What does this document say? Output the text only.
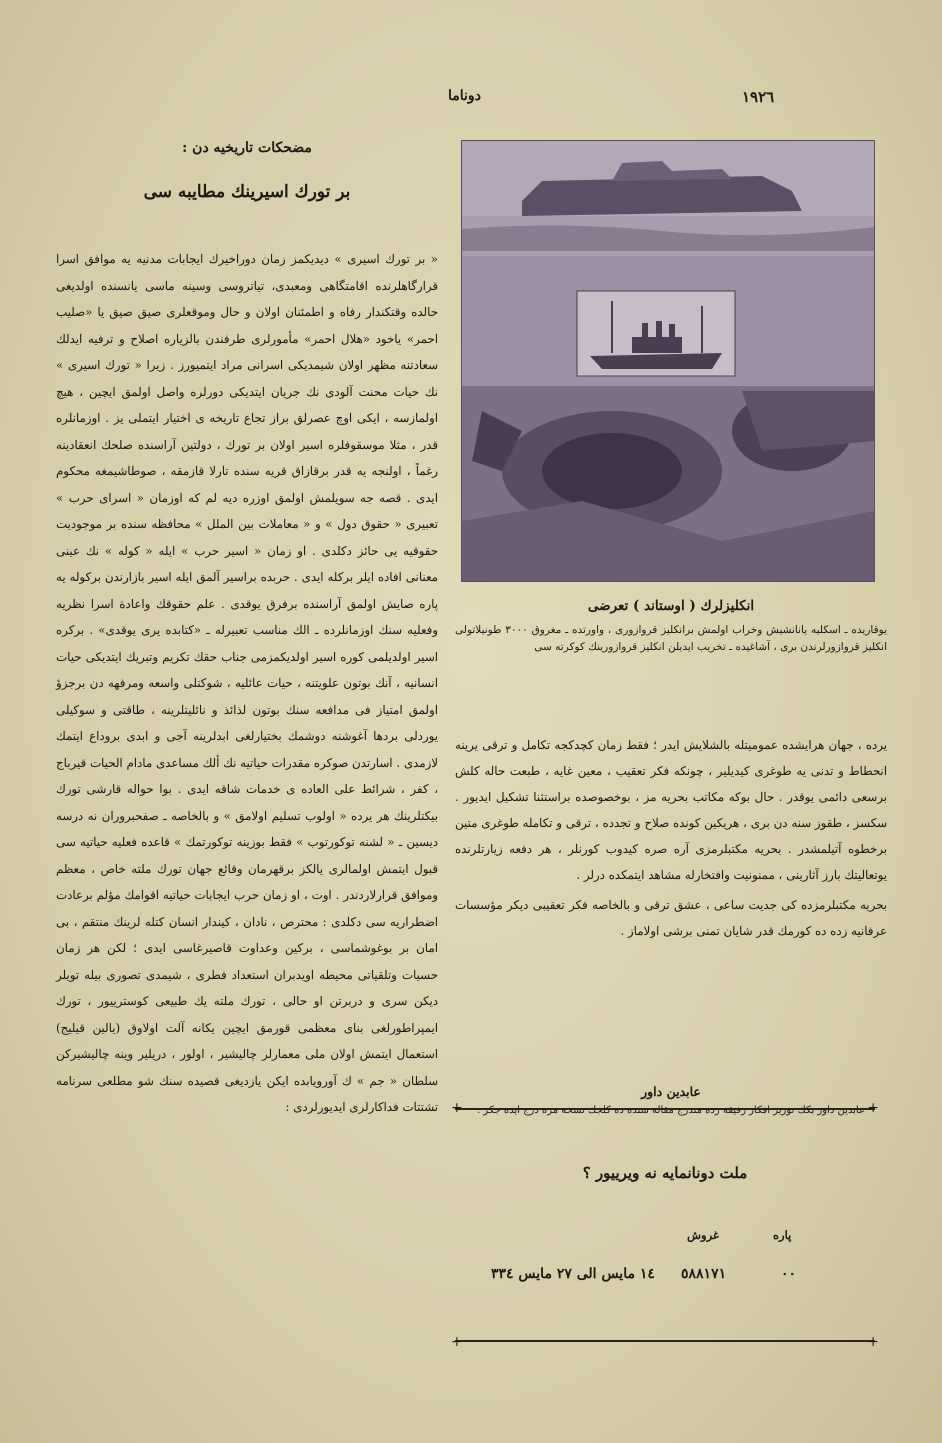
١٩٢٦
دوناما
مضحكات تاريخيه دن :
بر تورك اسيرينك مطايبه سى

« بر تورك اسيرى » ديديكمز زمان دوراخيرك ايجابات مدنيه يه موافق اسرا قرارگاهلرنده اقامتگاهى ومعبدى، تياتروسى وسينه ماسى يانسنده اولديغى حالده وقتكندار رفاه و اطمئنان اولان و حال وموقعلرى صيق صيق يا «صليب احمر» ياخود «هلال احمر» مأمورلرى طرفندن بالزياره اصلاح و ترفيه ايدلك سعادتنه مظهر اولان شيمديكى اسرانى مراد ايتميورز . زيرا « تورك اسيرى » نك حيات محنت آلودى نك جريان ايتديكى دورلره واصل اولمق ايچين ، هيچ اولمازسه ، ايكى اوچ عصرلق براز تجاع تاريخه ى اختيار ايتملى يز . اوزمانلره قدر ، مثلا موسقوفلره اسير اولان بر تورك ، دولتين آراسنده صلحك انعقادينه رغماً ، اولنجه يه قدر برقازاق قريه سنده تارلا قازمقه ، صوطاشيمغه محكوم ايدى . قصه جه سويلمش اولمق اوزره ديه لم كه اوزمان « اسراى حرب » تعبيرى « حقوق دول » و « معاملات بين الملل » محافظه سنده بر موجوديت حقوقيه يى حائز دكلدى . او زمان « اسير حرب » ايله « كوله » نك عينى معنانى افاده ايلر بركله ايدى . حربده براسير آلمق ايله اسير بازارندن بركوله يه پاره صايش اولمق آراسنده برفرق يوقدى . علم حقوقك واعادة اسرا نظريه وفعليه سنك اوزمانلرده ـ الك مناسب تعبيرله ـ «كتابده يرى يوقدى» . بركره اسير اولديلمى كوره اسير اولديكمزمى جناب حقك تكريم وتبريك ايتديكى حيات انسانيه ، آنك بوتون علويتنه ، حيات عائليه ، شوكتلى واسعه ومرفهه دن برجزؤ اولمق امتياز فى مدافعه سنك بوتون لذائذ و نائليتلرينه ، طاقتى و سوكيلى يوردلى بردها آغوشنه دوشمك بختيارلغى ابدلرينه آجى و ابدى بروداع ايتمك لازمدى . اسارتدن صوكره مقدرات حياتيه نك ألك مساعدى مادام الحيات قيرباج ، كفر ، شرائط على العاده ى خدمات شاقه ايدى . بوا حواله قارشى تورك بيكتلرينك هر يرده « اولوب تسليم اولامق » و بالخاصه ـ صفحبروران نه درسه ديسين ـ « لشنه توكورتوب » فقط بوزينه توكورتمك » قاعده فعليه حياتيه سى قبول ايتمش اولمالرى يالكز برقهرمان وقائع جهان تورك ملته خاص ، معظم وموافق قرارلاردندر . اوت ، او زمان حرب ايجابات حياتيه اقوامك مؤلم برعادت اضطراريه سى دكلدى : محترص ، نادان ، كيندار انسان كتله لرينك منتقم ، بى امان بر بوغوشماسى ، بركين وعداوت قاصيرغاسى ايدى ؛ لكن هر زمان حسيات وتلقياتى محيطه اويدبران استعداد فطرى ، شيمدى تصورى بيله تويلر ديكن سرى و دربرتن او حالى ، تورك ملته يك طبيعى كوسترييور ، تورك ايمپراطورلغى بناى معظمى قورمق ايچين يكانه آلت اولاوق (يالين قيليج) استعمال ايتمش اولان ملى معمارلر چاليشير ، اولور ، دريلير وينه چاليشيركن سلطان « جم » ك آورويابده ايكن يازديغى قصيده سنك شو مطلعى سرنامه تشتتات فداكارلرى ايديورلردى :

انكليزلرك ( اوستاند ) تعرضى
يوقاريده ـ اسكليه يانانشيش وخراب اولمش برانكليز قروازورى ، واورتده ـ مغروق ٣٠٠٠ طونيلاتولى انكليز قروازورلرندن برى ، آشاغيده ـ تخريب ايديلن انكليز قروازورينك كوكرته سى

يرده ، جهان هرايشده عموميتله بالشلايش ايدر ؛ فقط زمان كچدكجه تكامل و ترقى يرينه انحطاط و تدنى يه طوغرى كيديلير ، چونكه فكر تعقيب ، معين غايه ، طبعت حاله كلش برسعى دائمى يوقدر . حال بوكه مكاتب بحريه مز ، بوخصوصده براستثنا تشكيل ايديور . سكسز ، طقوز سنه دن برى ، هريكين كونده صلاح و تجدده ، ترقى و تكامله طوغرى متين برخطوه آتيلمشدر . بحريه مكتبلرمزى آره صره كيدوب كورنلر ، هر دفعه زيارتلرنده يوتعاليتك بارز آثارينى ، ممنونيت وافتخارله مشاهد ايتمكده درلر .

بحريه مكتبلرمزده كى جديت ساعى ، عشق ترقى و بالخاصه فكر تعقيبى ديكر مؤسسات عرفانيه زده ده كورمك قدر شايان تمنى برشى اولاماز .

عابدين داور
عابدين داور بكك تورير افكار رفيقه رده مندرج مقاله سنده ده كلجك نسخه مزه درج ايده جكز .
+	+
+	+
ملت دونانمايه نه ويرييور ؟
پاره
غروش
٠٠
٥٨٨١٧١
١٤ مايس الى ٢٧ مايس ٣٣٤
